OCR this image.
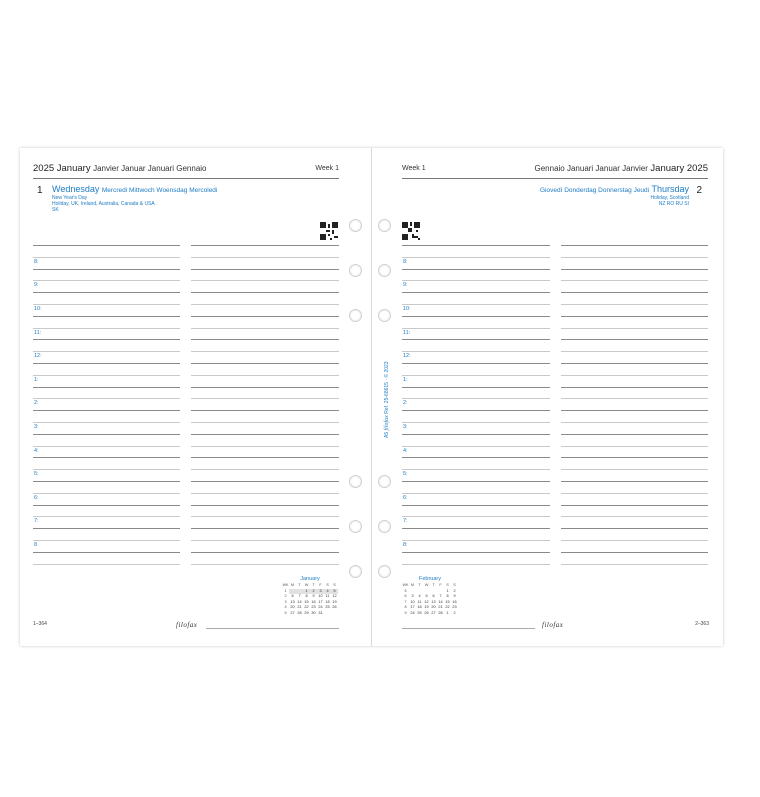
2025 January Janvier Januar Januari Gennaio	Week 1
1 Wednesday Mercredi Mittwoch Woensdag Mercoledi
New Year's Day
Holiday, UK, Ireland, Australia, Canada & USA
SK
8:
9:
10:
11:
12:
1:
2:
3:
4:
5:
6:
7:
8
January
WK	M	T	W	T	F	S	S
1			1	2	3	4	5
2	6	7	8	9	10	11	12
3	13	14	15	16	17	18	19
4	20	21	22	23	24	25	26
5	27	28	29	30	31		
1–364	filofax
Week 1	Gennaio Januari Januar Janvier January 2025
Giovedì Donderdag Donnerstag Jeudi Thursday 2
Holiday, Scotland
NZ RO RU SI
8:
9:
10:
11:
12:
1:
2:
3:
4:
5:
6:
7:
8:
February
WK	M	T	W	T	F	S	S
5						1	2
6	3	4	5	6	7	8	9
7	10	11	12	13	14	15	16
8	17	18	19	20	21	22	23
9	24	25	26	27	28	1	2
filofax	2–363
A5 filofax Ref. 25-68615 · © 2023
